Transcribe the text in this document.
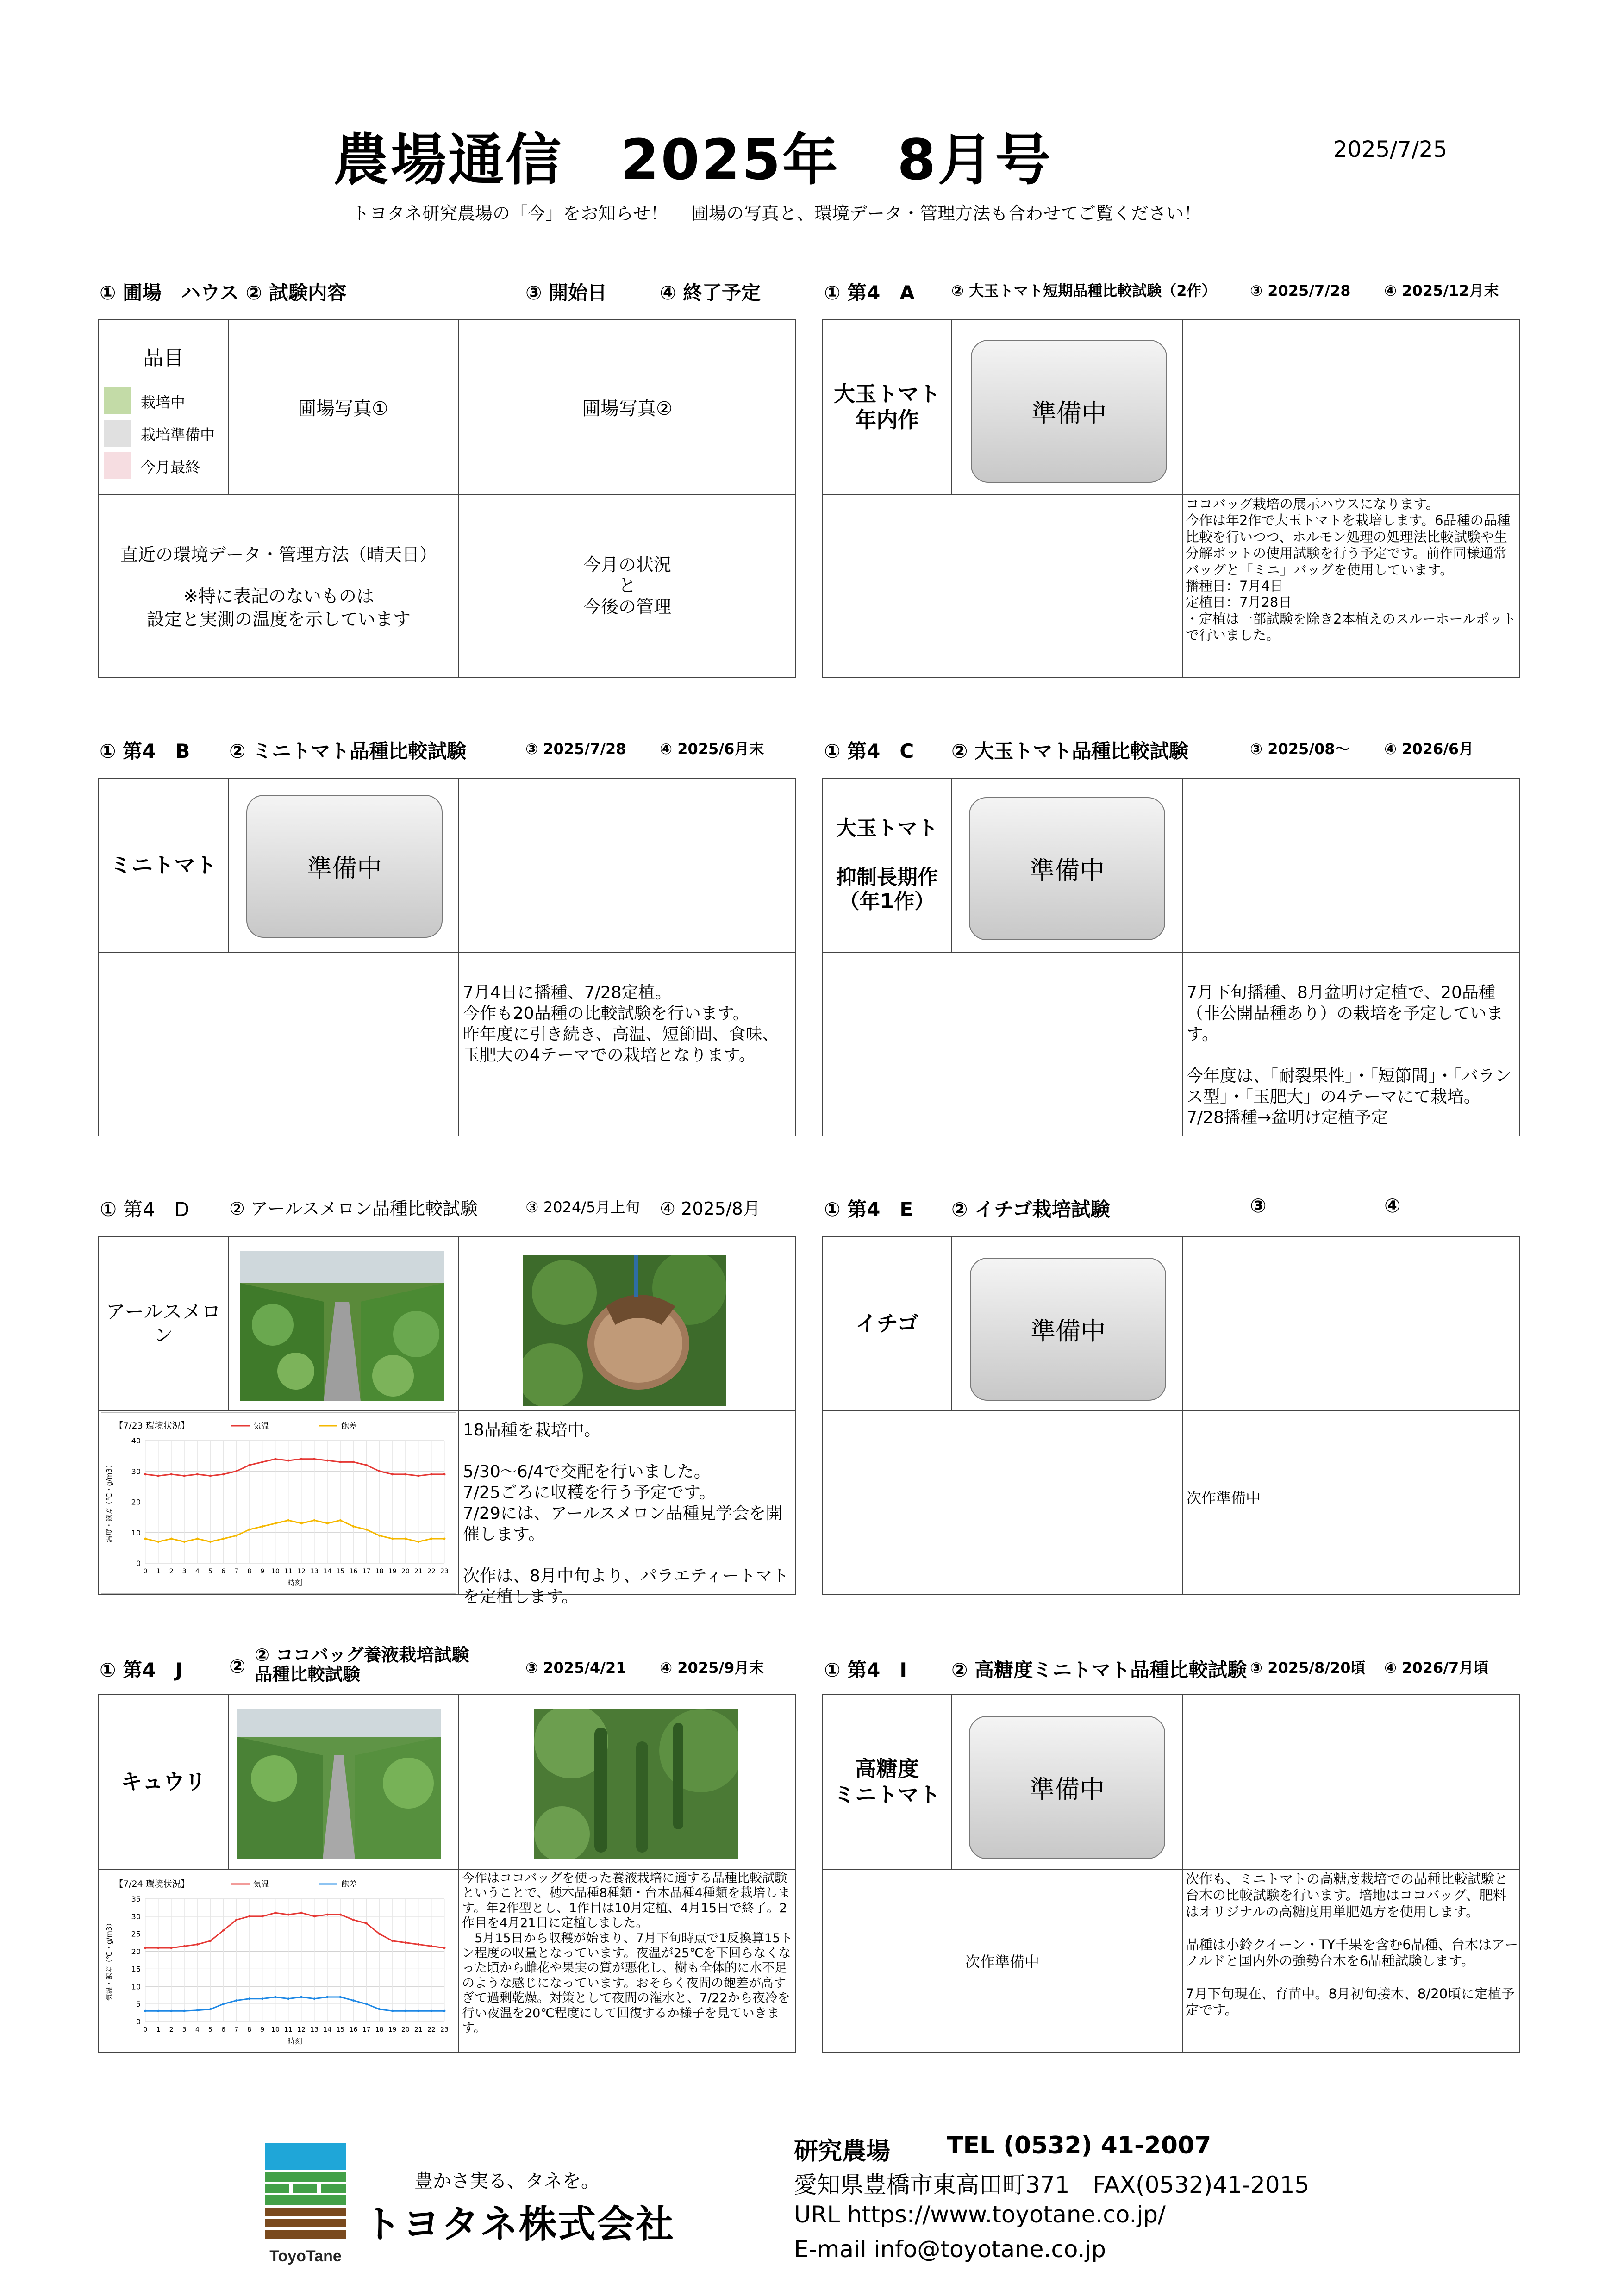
農場通信　2025年　8月号	2025/7/25
トヨタネ研究農場の「今」をお知らせ！　 圃場の写真と、環境データ・管理方法も合わせてご覧ください！
① 圃場　ハウス ② 試験内容	③ 開始日	④ 終了予定
品目
栽培中
栽培準備中
今月最終
圃場写真①	圃場写真②
直近の環境データ・管理方法（晴天日）
※特に表記のないものは
設定と実測の温度を示しています
今月の状況
と
今後の管理
① 第4　A ② 大玉トマト短期品種比較試験（2作） ③ 2025/7/28 ④ 2025/12月末
大玉トマト
年内作	準備中
ココバッグ栽培の展示ハウスになります。
今作は年2作で大玉トマトを栽培します。6品種の品種比較を行いつつ、ホルモン処理の処理法比較試験や生分解ポットの使用試験を行う予定です。前作同様通常バッグと「ミニ」バッグを使用しています。
播種日：7月4日
定植日：7月28日
・定植は一部試験を除き2本植えのスルーホールポットで行いました。
① 第4　B ② ミニトマト品種比較試験	③ 2025/7/28 ④ 2025/6月末
ミニトマト	準備中
7月4日に播種、7/28定植。
今作も20品種の比較試験を行います。
昨年度に引き続き、高温、短節間、食味、玉肥大の4テーマでの栽培となります。
① 第4　C ② 大玉トマト品種比較試験	③ 2025/08～ ④ 2026/6月
大玉トマト

抑制長期作
（年1作）
準備中
7月下旬播種、8月盆明け定植で、20品種（非公開品種あり）の栽培を予定しています。

今年度は、「耐裂果性」・「短節間」・「バランス型」・「玉肥大」の4テーマにて栽培。
7/28播種→盆明け定植予定
① 第4　D ② アールスメロン品種比較試験	③ 2024/5月上旬 ④ 2025/8月
アールスメロン
【7/23 環境状況】
0
10
20
30
40
0 1 2 3 4 5 6 7 8 9 10 11 12 13 14 15 16 17 18 19 20 21 22 23
時刻
温度・飽差（℃・g/m3）
気温	飽差	18品種を栽培中。

5/30～6/4で交配を行いました。
7/25ごろに収穫を行う予定です。
7/29には、アールスメロン品種見学会を開催します。

次作は、8月中旬より、パラエティートマトを定植します。
① 第4　E ② イチゴ栽培試験	③	④
イチゴ	準備中
次作準備中
① 第4　J ② ② ココバッグ養液栽培試験
品種比較試験	③ 2025/4/21 ④ 2025/9月末
キュウリ
【7/24 環境状況】
0
5
10
15
20
25
30
35
0 1 2 3 4 5 6 7 8 9 10 11 12 13 14 15 16 17 18 19 20 21 22 23
時刻
気温・飽差（℃・g/m3）
気温	飽差	今作はココバッグを使った養液栽培に適する品種比較試験ということで、穂木品種8種類・台木品種4種類を栽培します。年2作型とし、1作目は10月定植、4月15日で終了。2作目を4月21日に定植しました。
　5月15日から収穫が始まり、7月下旬時点で1反換算15トン程度の収量となっています。夜温が25℃を下回らなくなった頃から雌花や果実の質が悪化し、樹も全体的に水不足のような感じになっています。おそらく夜間の飽差が高すぎて過剰乾燥。対策として夜間の潅水と、7/22から夜冷を行い夜温を20℃程度にして回復するか様子を見ていきます。
① 第4　I ② 高糖度ミニトマト品種比較試験 ③ 2025/8/20頃 ④ 2026/7月頃
高糖度
ミニトマト	準備中
次作準備中
次作も、ミニトマトの高糖度栽培での品種比較試験と台木の比較試験を行います。培地はココバッグ、肥料はオリジナルの高糖度用単肥処方を使用します。

品種は小鈴クイーン・TY千果を含む6品種、台木はアーノルドと国内外の強勢台木を6品種試験します。

7月下旬現在、育苗中。8月初旬接木、8/20頃に定植予定です。
ToyoTane
豊かさ実る、タネを。
トヨタネ株式会社
研究農場 TEL (0532) 41-2007
愛知県豊橋市東高田町371　FAX(0532)41-2015
URL https://www.toyotane.co.jp/
E-mail info@toyotane.co.jp
